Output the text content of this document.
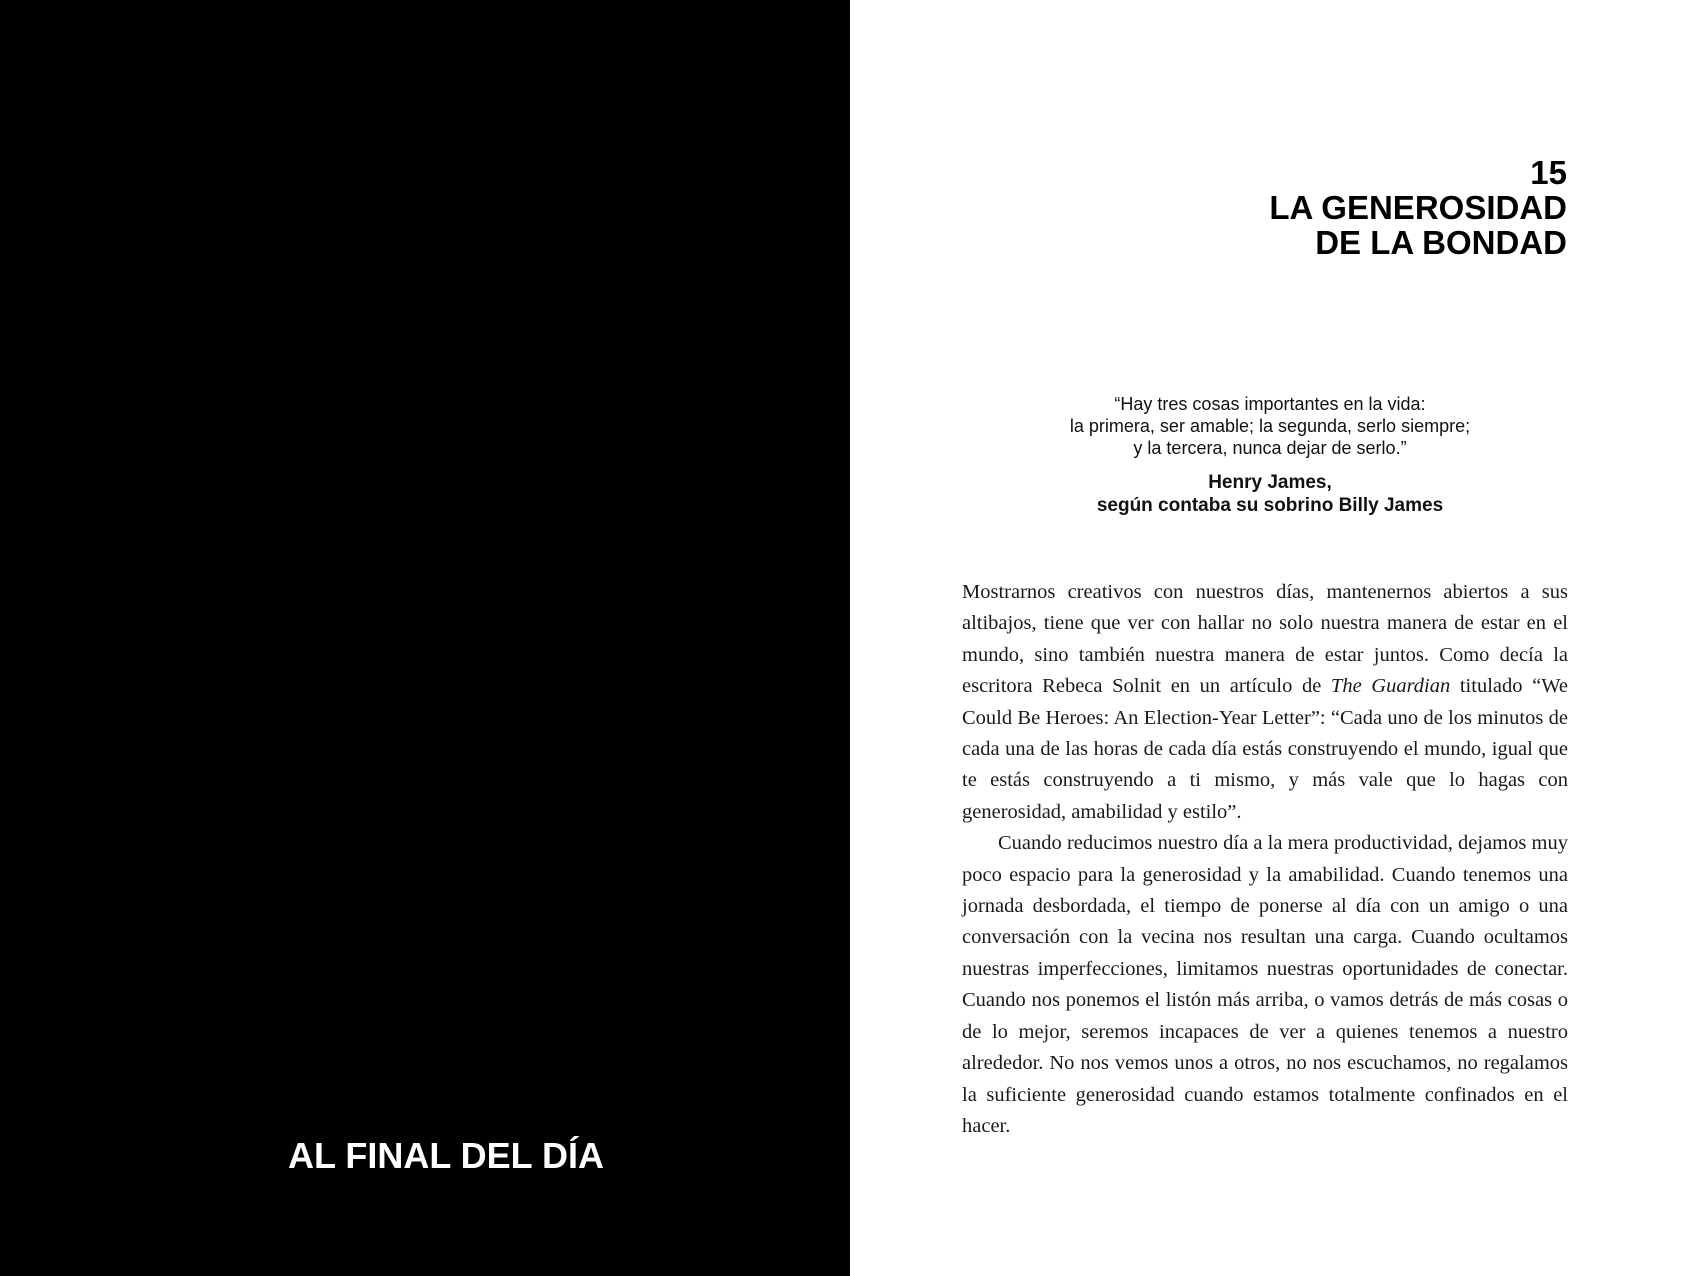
AL FINAL DEL DÍA
15
LA GENEROSIDAD
DE LA BONDAD

“Hay tres cosas importantes en la vida:
la primera, ser amable; la segunda, serlo siempre;
y la tercera, nunca dejar de serlo.”

Henry James,
según contaba su sobrino Billy James

Mostrarnos creativos con nuestros días, mantenernos abiertos a sus altibajos, tiene que ver con hallar no solo nuestra manera de estar en el mundo, sino también nuestra manera de estar juntos. Como decía la escritora Rebeca Solnit en un artículo de The Guardian titulado “We Could Be Heroes: An Election-Year Letter”: “Cada uno de los minutos de cada una de las horas de cada día estás construyendo el mundo, igual que te estás construyendo a ti mismo, y más vale que lo hagas con generosidad, amabilidad y estilo”.

Cuando reducimos nuestro día a la mera productividad, dejamos muy poco espacio para la generosidad y la amabilidad. Cuando tenemos una jornada desbordada, el tiempo de ponerse al día con un amigo o una conversación con la vecina nos resultan una carga. Cuando ocultamos nuestras imperfecciones, limitamos nuestras oportunidades de conectar. Cuando nos ponemos el listón más arriba, o vamos detrás de más cosas o de lo mejor, seremos incapaces de ver a quienes tenemos a nuestro alrededor. No nos vemos unos a otros, no nos escuchamos, no regalamos la suficiente generosidad cuando estamos totalmente confinados en el hacer.
